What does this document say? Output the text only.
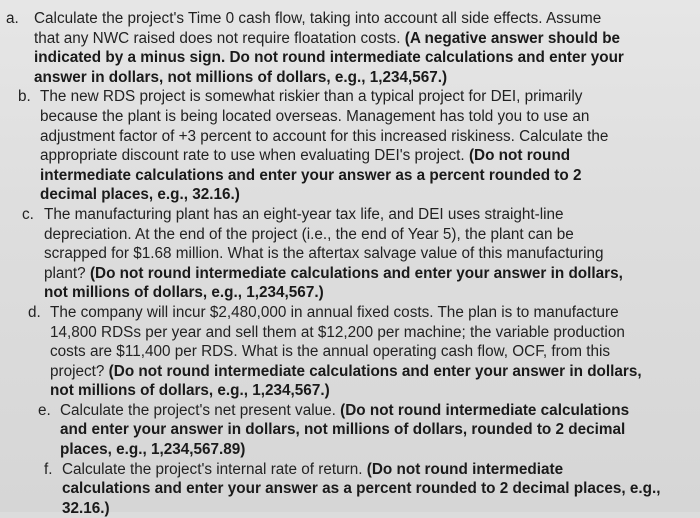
a. Calculate the project's Time 0 cash flow, taking into account all side effects. Assume
that any NWC raised does not require floatation costs. (A negative answer should be
indicated by a minus sign. Do not round intermediate calculations and enter your
answer in dollars, not millions of dollars, e.g., 1,234,567.)
b. The new RDS project is somewhat riskier than a typical project for DEI, primarily
because the plant is being located overseas. Management has told you to use an
adjustment factor of +3 percent to account for this increased riskiness. Calculate the
appropriate discount rate to use when evaluating DEI's project. (Do not round
intermediate calculations and enter your answer as a percent rounded to 2
decimal places, e.g., 32.16.)
c. The manufacturing plant has an eight-year tax life, and DEI uses straight-line
depreciation. At the end of the project (i.e., the end of Year 5), the plant can be
scrapped for $1.68 million. What is the aftertax salvage value of this manufacturing
plant? (Do not round intermediate calculations and enter your answer in dollars,
not millions of dollars, e.g., 1,234,567.)
d. The company will incur $2,480,000 in annual fixed costs. The plan is to manufacture
14,800 RDSs per year and sell them at $12,200 per machine; the variable production
costs are $11,400 per RDS. What is the annual operating cash flow, OCF, from this
project? (Do not round intermediate calculations and enter your answer in dollars,
not millions of dollars, e.g., 1,234,567.)
e. Calculate the project's net present value. (Do not round intermediate calculations
and enter your answer in dollars, not millions of dollars, rounded to 2 decimal
places, e.g., 1,234,567.89)
f. Calculate the project's internal rate of return. (Do not round intermediate
calculations and enter your answer as a percent rounded to 2 decimal places, e.g.,
32.16.)
